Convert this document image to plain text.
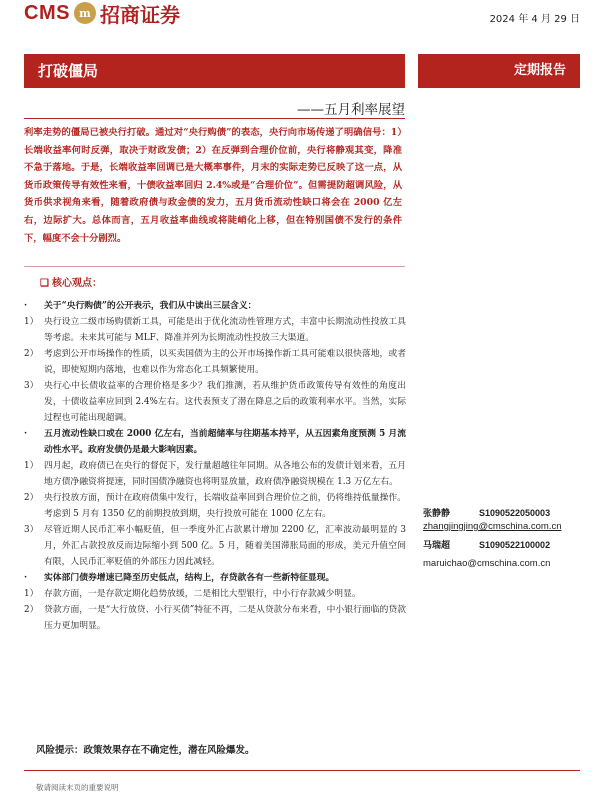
CMS m 招商证券	2024 年 4 月 29 日
打破僵局	定期报告
——五月利率展望
利率走势的僵局已被央行打破。通过对“央行购债”的表态，央行向市场传递了明确信号：1）长端收益率何时反弹，取决于财政发债；2）在反弹到合理价位前，央行将静观其变，降准不急于落地。于是，长端收益率回调已是大概率事件，月末的实际走势已反映了这一点，从货币政策传导有效性来看，十债收益率回归 2.4%或是“合理价位”。但需提防超调风险，从货币供求视角来看，随着政府债与政金债的发力，五月货币流动性缺口将会在 2000 亿左右，边际扩大。总体而言，五月收益率曲线或将陡峭化上移，但在特别国债不发行的条件下，幅度不会十分剧烈。
❑ 核心观点：
·	关于“央行购债”的公开表示，我们从中读出三层含义：
1） 央行设立二级市场购债新工具，可能是出于优化流动性管理方式，丰富中长期流动性投放工具等考虑。未来其可能与 MLF、降准并列为长期流动性投放三大渠道。
2） 考虑到公开市场操作的性质，以买卖国债为主的公开市场操作新工具可能难以很快落地，或者说，即使短期内落地，也难以作为常态化工具频繁使用。
3） 央行心中长债收益率的合理价格是多少？我们推测，若从维护货币政策传导有效性的角度出发，十债收益率应回到 2.4%左右。这代表预支了潜在降息之后的政策利率水平。当然，实际过程也可能出现超调。
·	五月流动性缺口或在 2000 亿左右，当前超储率与往期基本持平，从五因素角度预测 5 月流动性水平。政府发债仍是最大影响因素。
1） 四月起，政府债已在央行的督促下，发行量超越往年同期。从各地公布的发债计划来看，五月地方债净融资将提速，同时国债净融资也将明显放量，政府债净融资规模在 1.3 万亿左右。
2） 央行投放方面，预计在政府债集中发行，长端收益率回到合理价位之前，仍将维持低量操作。考虑到 5 月有 1350 亿的前期投放到期，央行投放可能在 1000 亿左右。
3） 尽管近期人民币汇率小幅贬值，但一季度外汇占款累计增加 2200 亿，汇率波动最明显的 3 月，外汇占款投放反而边际缩小到 500 亿。5 月，随着美国滞胀局面的形成，美元升值空间有限，人民币汇率贬值的外部压力因此减轻。
·	实体部门债券增速已降至历史低点，结构上，存贷款各有一些新特征显现。
1） 存款方面，一是存款定期化趋势放缓，二是相比大型银行，中小行存款减少明显。
2） 贷款方面，一是“大行放贷、小行买债”特征不再，二是从贷款分布来看，中小银行面临的贷款压力更加明显。
风险提示：政策效果存在不确定性，潜在风险爆发。
张静静	S1090522050003
zhangjingjing@cmschina.com.cn
马瑞超	S1090522100002
maruichao@cmschina.com.cn
敬请阅读末页的重要说明
